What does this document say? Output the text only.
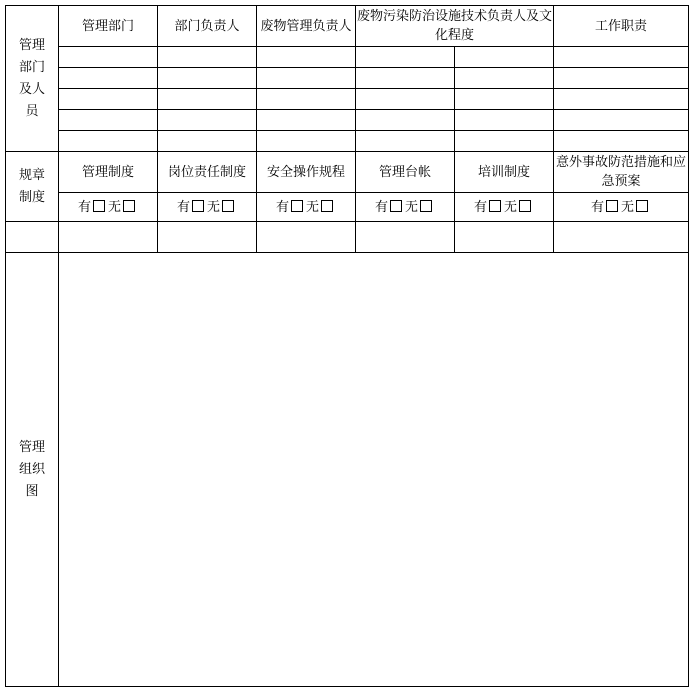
管理部门及人员	管理部门	部门负责人	废物管理负责人	废物污染防治设施技术负责人及文化程度		工作职责

规章制度	管理制度	岗位责任制度	安全操作规程	管理台帐	培训制度	意外事故防范措施和应急预案
	有 无	有 无	有 无	有 无	有 无	有 无

管理组织图						
